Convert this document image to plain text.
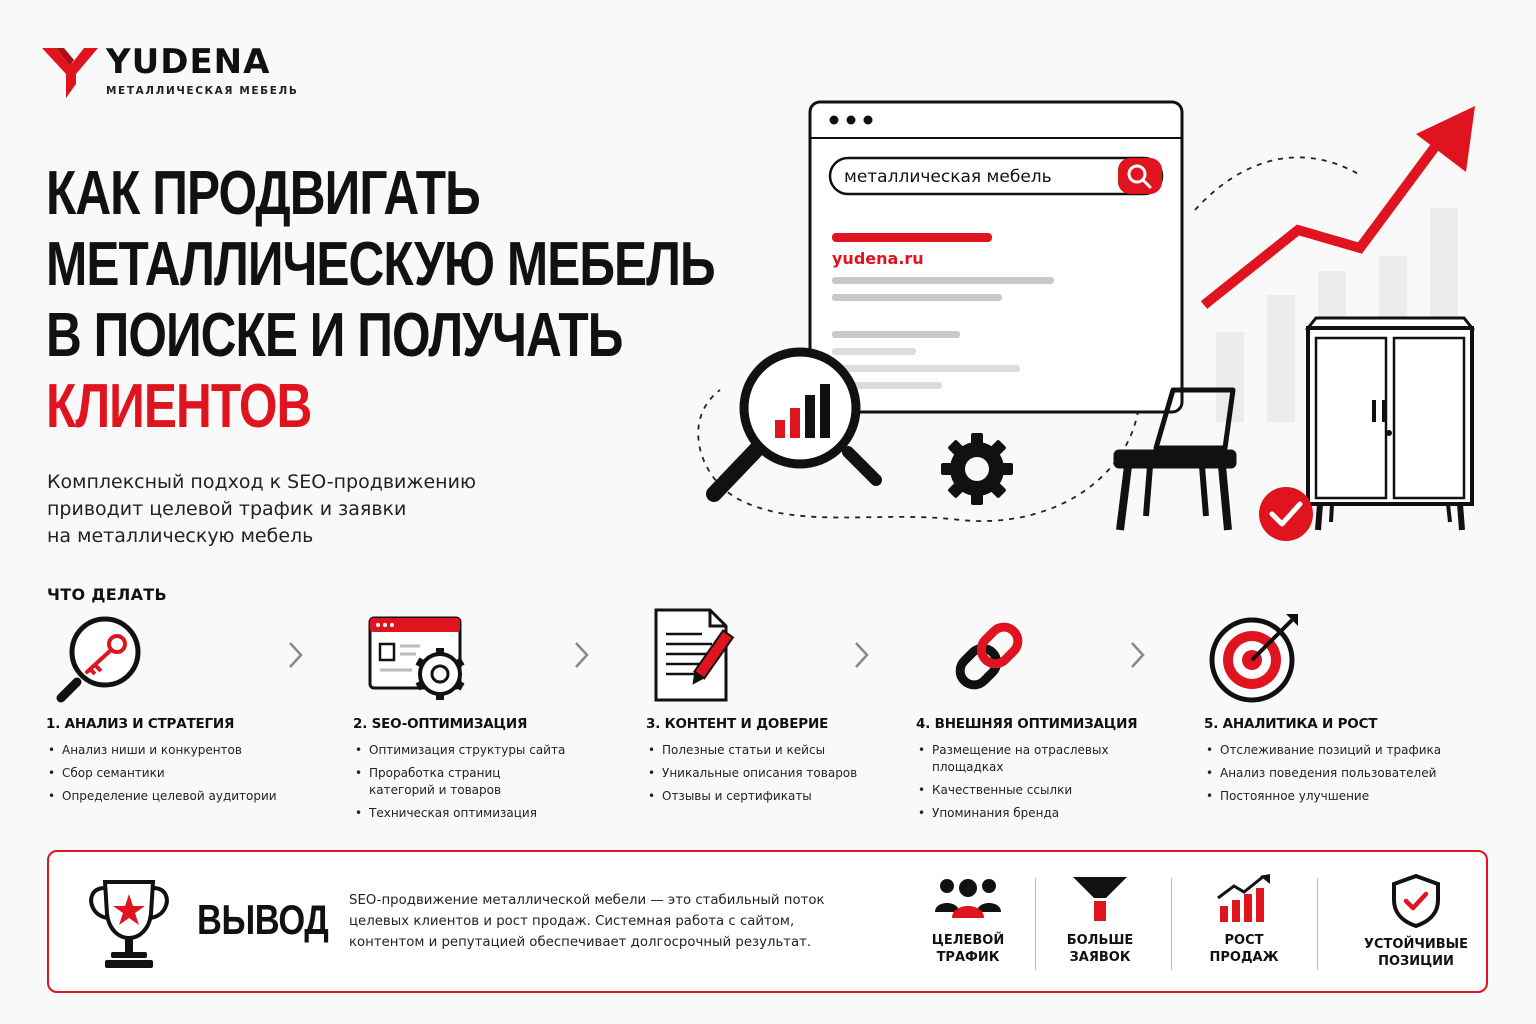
YUDENA
МЕТАЛЛИЧЕСКАЯ МЕБЕЛЬ
КАК ПРОДВИГАТЬ
МЕТАЛЛИЧЕСКУЮ МЕБЕЛЬ
В ПОИСКЕ И ПОЛУЧАТЬ
КЛИЕНТОВ
Комплексный подход к SEO-продвижению
приводит целевой трафик и заявки
на металлическую мебель
металлическая мебель
yudena.ru
ЧТО ДЕЛАТЬ
1. АНАЛИЗ И СТРАТЕГИЯ
• Анализ ниши и конкурентов
• Сбор семантики
• Определение целевой аудитории
2. SEO-ОПТИМИЗАЦИЯ
• Оптимизация структуры сайта
• Проработка страниц категорий и товаров
• Техническая оптимизация
3. КОНТЕНТ И ДОВЕРИЕ
• Полезные статьи и кейсы
• Уникальные описания товаров
• Отзывы и сертификаты
4. ВНЕШНЯЯ ОПТИМИЗАЦИЯ
• Размещение на отраслевых площадках
• Качественные ссылки
• Упоминания бренда
5. АНАЛИТИКА И РОСТ
• Отслеживание позиций и трафика
• Анализ поведения пользователей
• Постоянное улучшение
ВЫВОД SEO-продвижение металлической мебели — это стабильный поток целевых клиентов и рост продаж. Системная работа с сайтом, контентом и репутацией обеспечивает долгосрочный результат.	ЦЕЛЕВОЙ
ТРАФИК
БОЛЬШЕ
ЗАЯВОК
РОСТ
ПРОДАЖ
УСТОЙЧИВЫЕ
ПОЗИЦИИ
